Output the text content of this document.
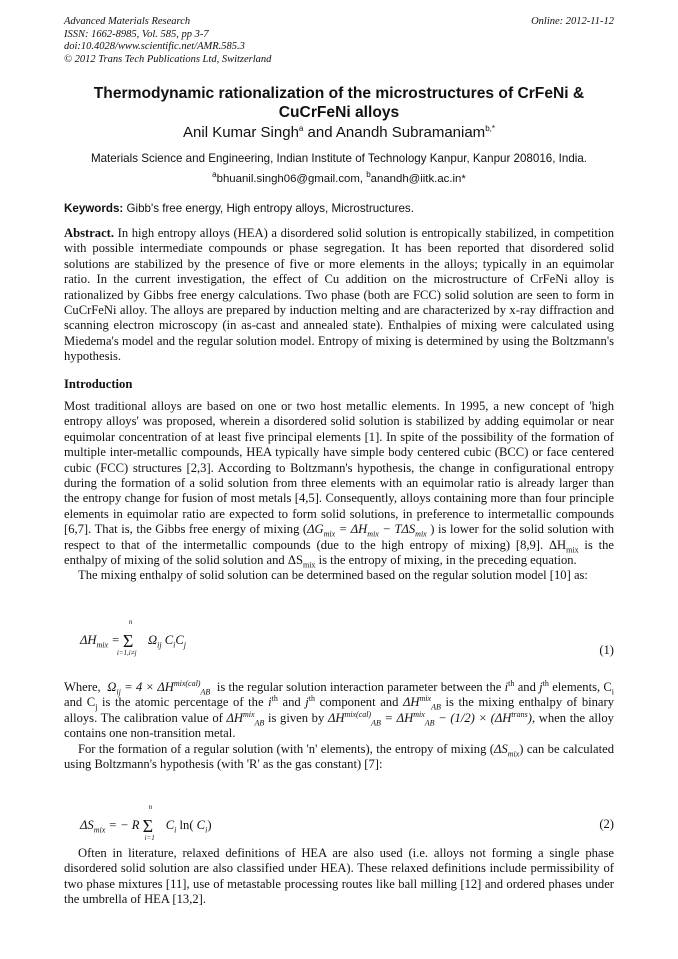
Advanced Materials Research
ISSN: 1662-8985, Vol. 585, pp 3-7
doi:10.4028/www.scientific.net/AMR.585.3
© 2012 Trans Tech Publications Ltd, Switzerland
Online: 2012-11-12
Thermodynamic rationalization of the microstructures of CrFeNi & CuCrFeNi alloys
Anil Kumar Singh$^a$ and Anandh Subramaniam$^{b,*}$
Materials Science and Engineering, Indian Institute of Technology Kanpur, Kanpur 208016, India.
$^a$bhuanil.singh06@gmail.com, $^b$anandh@iitk.ac.in*
Keywords: Gibb's free energy, High entropy alloys, Microstructures.

Abstract. In high entropy alloys (HEA) a disordered solid solution is entropically stabilized, in competition with possible intermediate compounds or phase segregation. It has been reported that disordered solid solutions are stabilized by the presence of five or more elements in the alloys; typically in an equimolar ratio. In the current investigation, the effect of Cu addition on the microstructure of CrFeNi alloy is rationalized by Gibbs free energy calculations. Two phase (both are FCC) solid solution are seen to form in CuCrFeNi alloy. The alloys are prepared by induction melting and are characterized by x-ray diffraction and scanning electron microscopy (in as-cast and annealed state). Enthalpies of mixing were calculated using Miedema's model and the regular solution model. Entropy of mixing is determined by using the Boltzmann's hypothesis.

Introduction

Most traditional alloys are based on one or two host metallic elements. In 1995, a new concept of 'high entropy alloys' was proposed, wherein a disordered solid solution is stabilized by adding equimolar or near equimolar concentration of at least five principal elements [1]. In spite of the possibility of the formation of multiple inter-metallic compounds, HEA typically have simple body centered cubic (BCC) or face centered cubic (FCC) structures [2,3]. According to Boltzmann's hypothesis, the change in configurational entropy during the formation of a solid solution from three elements with an equimolar ratio is already larger than the entropy change for fusion of most metals [4,5]. Consequently, alloys containing more than four principle elements in equimolar ratio are expected to form solid solutions, in preference to intermetallic compounds [6,7]. That is, the Gibbs free energy of mixing ($\Delta G_{mix} = \Delta H_{mix} - T\Delta S_{mix}$ ) is lower for the solid solution with respect to that of the intermetallic compounds (due to the high entropy of mixing) [8,9]. $\Delta H_{mix}$ is the enthalpy of mixing of the solid solution and $\Delta S_{mix}$ is the entropy of mixing, in the preceding equation.

The mixing enthalpy of solid solution can be determined based on the regular solution model [10] as:

$\Delta H_{mix}$ =
n
Σ
i=1,i≠j
$\Omega_{ij}$ $C_iC_j$	(1)

Where, $\Omega_{ij} = 4 \times \Delta H^{mix(cal)}_{AB}$  is the regular solution interaction parameter between the $i^{th}$ and $j^{th}$ elements, $C_i$ and $C_j$ is the atomic percentage of the $i^{th}$ and $j^{th}$ component and $\Delta H^{mix}_{AB}$ is the mixing enthalpy of binary alloys. The calibration value of $\Delta H^{mix}_{AB}$ is given by $\Delta H^{mix(cal)}_{AB} = \Delta H^{mix}_{AB} - (1/2) \times (\Delta H^{trans})$, when the alloy contains one non-transition metal.

For the formation of a regular solution (with 'n' elements), the entropy of mixing $(\Delta S_{mix})$ can be calculated using Boltzmann's hypothesis (with 'R' as the gas constant) [7]:

$\Delta S_{mix}$ = − R
n
Σ
i=1
$C_i$ ln( $C_i$)	(2)

Often in literature, relaxed definitions of HEA are also used (i.e. alloys not forming a single phase disordered solid solution are also classified under HEA). These relaxed definitions include permissibility of two phase mixtures [11], use of metastable processing routes like ball milling [12] and ordered phases under the umbrella of HEA [13,2].
